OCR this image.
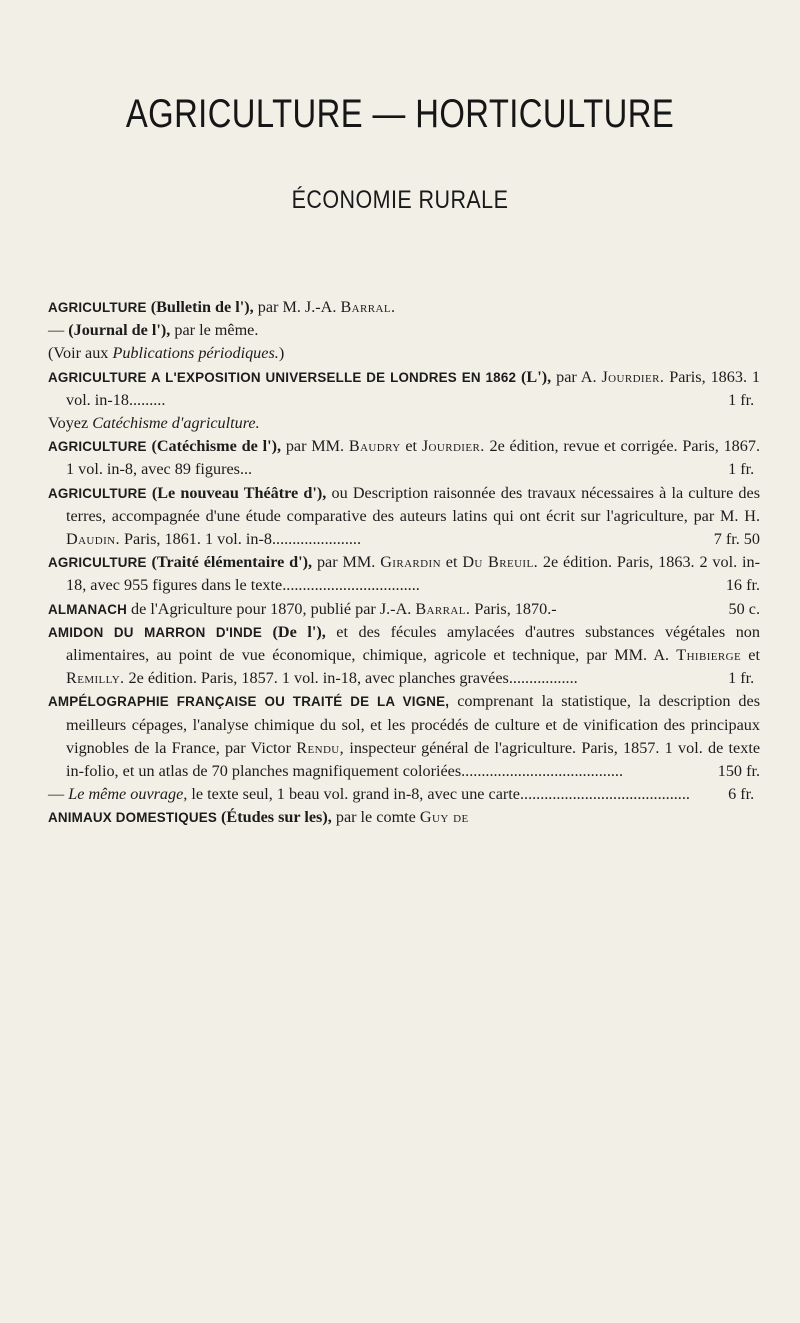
AGRICULTURE — HORTICULTURE
ÉCONOMIE RURALE

AGRICULTURE (Bulletin de l'), par M. J.-A. Barral.

— (Journal de l'), par le même.

(Voir aux Publications périodiques.)

AGRICULTURE A L'EXPOSITION UNIVERSELLE DE LONDRES EN 1862 (L'), par A. Jourdier. Paris, 1863. 1 vol. in-18.........	1 fr.

Voyez Catéchisme d'agriculture.

AGRICULTURE (Catéchisme de l'), par MM. Baudry et Jourdier. 2e édition, revue et corrigée. Paris, 1867. 1 vol. in-8, avec 89 figures...	1 fr.

AGRICULTURE (Le nouveau Théâtre d'), ou Description raisonnée des travaux nécessaires à la culture des terres, accompagnée d'une étude comparative des auteurs latins qui ont écrit sur l'agriculture, par M. H. Daudin. Paris, 1861. 1 vol. in-8......................	7 fr. 50

AGRICULTURE (Traité élémentaire d'), par MM. Girardin et Du Breuil. 2e édition. Paris, 1863. 2 vol. in-18, avec 955 figures dans le texte..................................	16 fr.

ALMANACH de l'Agriculture pour 1870, publié par J.-A. Barral. Paris, 1870.-	50 c.

AMIDON DU MARRON D'INDE (De l'), et des fécules amylacées d'autres substances végétales non alimentaires, au point de vue économique, chimique, agricole et technique, par MM. A. Thibierge et Remilly. 2e édition. Paris, 1857. 1 vol. in-18, avec planches gravées.................	1 fr.

AMPÉLOGRAPHIE FRANÇAISE OU TRAITÉ DE LA VIGNE, comprenant la statistique, la description des meilleurs cépages, l'analyse chimique du sol, et les procédés de culture et de vinification des principaux vignobles de la France, par Victor Rendu, inspecteur général de l'agriculture. Paris, 1857. 1 vol. de texte in-folio, et un atlas de 70 planches magnifiquement coloriées........................................	150 fr.

— Le même ouvrage, le texte seul, 1 beau vol. grand in-8, avec une carte.......................................... 6 fr.

ANIMAUX DOMESTIQUES (Études sur les), par le comte Guy de
